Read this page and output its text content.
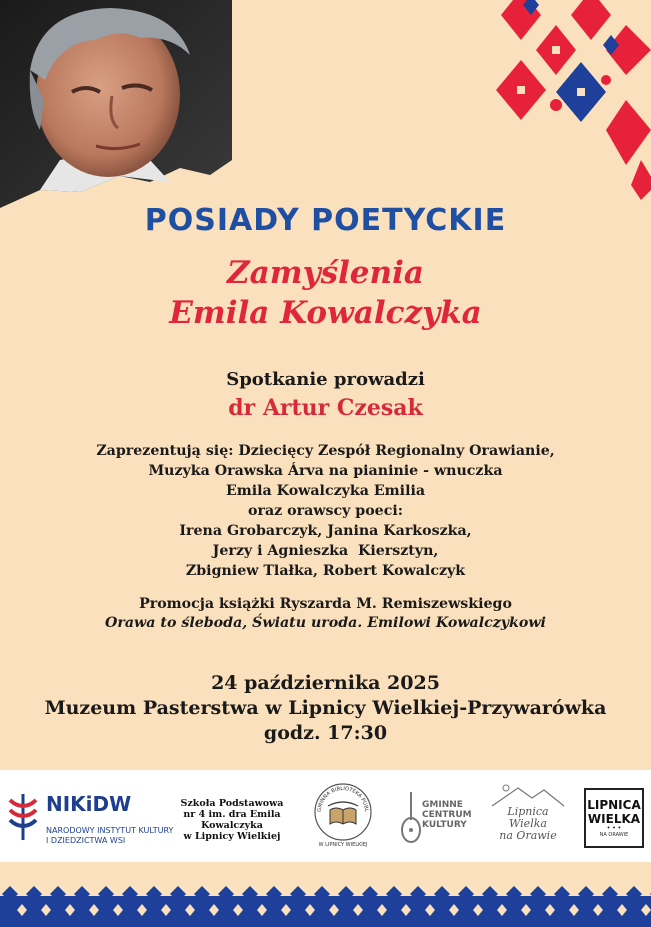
POSIADY POETYCKIE
Zamyślenia
Emila Kowalczyka
Spotkanie prowadzi
dr Artur Czesak
Zaprezentują się: Dziecięcy Zespół Regionalny Orawianie,
Muzyka Orawska Árva na pianinie - wnuczka
Emila Kowalczyka Emilia
oraz orawscy poeci:
Irena Grobarczyk, Janina Karkoszka,
Jerzy i Agnieszka  Kiersztyn,
Zbigniew Tlałka, Robert Kowalczyk
Promocja książki Ryszarda M. Remiszewskiego
Orawa to śleboda, Światu uroda. Emilowi Kowalczykowi
24 października 2025
Muzeum Pasterstwa w Lipnicy Wielkiej-Przywarówka
godz. 17:30
NIKiDW
NARODOWY INSTYTUT KULTURY
I DZIEDZICTWA WSI
Szkoła Podstawowa
nr 4 im. dra Emila
Kowalczyka
w Lipnicy Wielkiej
GMINNA BIBLIOTEKA PUBL
W LIPNICY WIELKIEJ
GMINNE
CENTRUM
KULTURY
Lipnica Wielka
na Orawie
LIPNICA
WIELKA
• • •
NA ORAWIE
